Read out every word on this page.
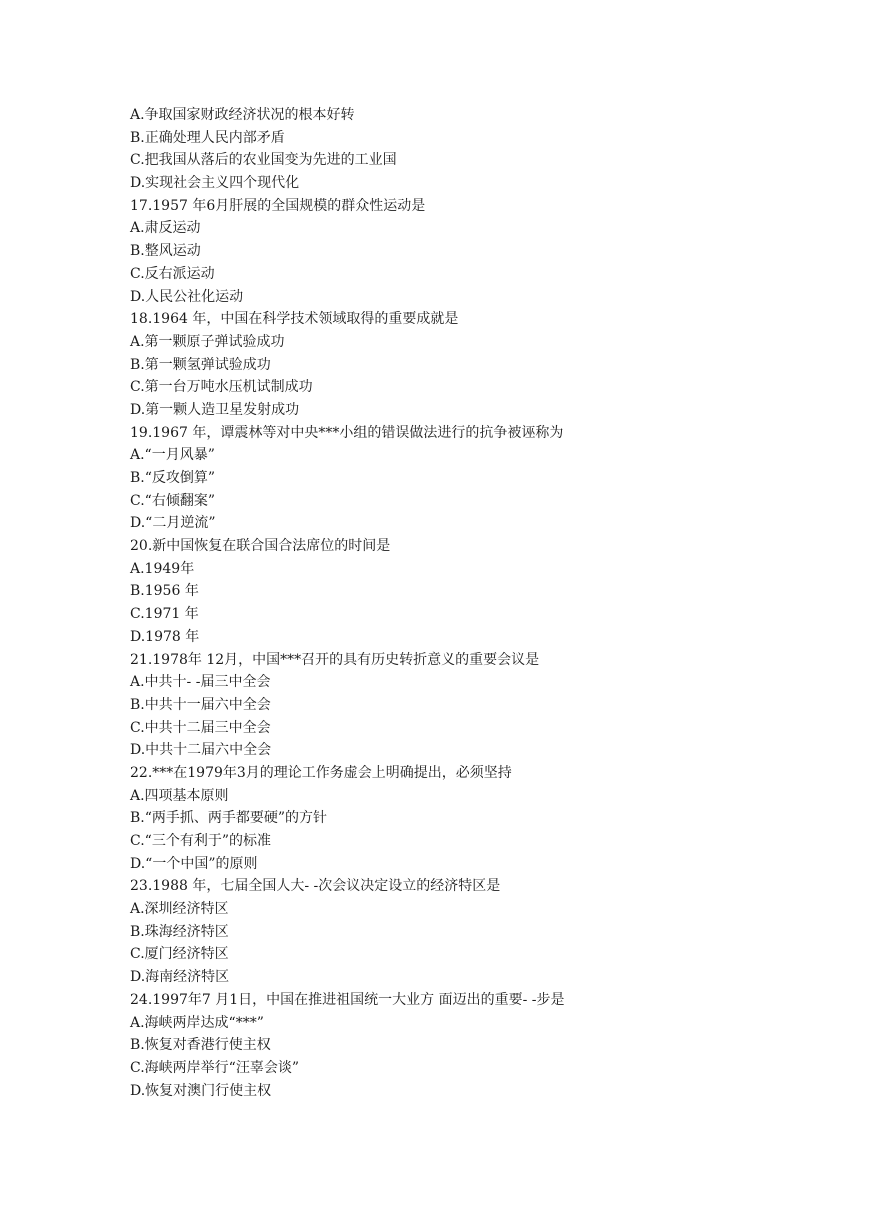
A.争取国家财政经济状况的根本好转
B.正确处理人民内部矛盾
C.把我国从落后的农业国变为先进的工业国
D.实现社会主义四个现代化
17.1957 年6月肝展的全国规模的群众性运动是
A.肃反运动
B.整风运动
C.反右派运动
D.人民公社化运动
18.1964 年，中国在科学技术领域取得的重要成就是
A.第一颗原子弹试验成功
B.第一颗氢弹试验成功
C.第一台万吨水压机试制成功
D.第一颗人造卫星发射成功
19.1967 年，谭震林等对中央***小组的错误做法进行的抗争被诬称为
A.“一月风暴”
B.“反攻倒算”
C.“右倾翻案”
D.“二月逆流”
20.新中国恢复在联合国合法席位的时间是
A.1949年
B.1956 年
C.1971 年
D.1978 年
21.1978年 12月，中国***召开的具有历史转折意义的重要会议是
A.中共十- -届三中全会
B.中共十一届六中全会
C.中共十二届三中全会
D.中共十二届六中全会
22.***在1979年3月的理论工作务虚会上明确提出，必须坚持
A.四项基本原则
B.“两手抓、两手都要硬”的方针
C.“三个有利于”的标准
D.“一个中国”的原则
23.1988 年，七届全国人大- -次会议决定设立的经济特区是
A.深圳经济特区
B.珠海经济特区
C.厦门经济特区
D.海南经济特区
24.1997年7 月1日，中国在推进祖国统一大业方 面迈出的重要- -步是
A.海峡两岸达成“***”
B.恢复对香港行使主权
C.海峡两岸举行“汪辜会谈”
D.恢复对澳门行使主权
